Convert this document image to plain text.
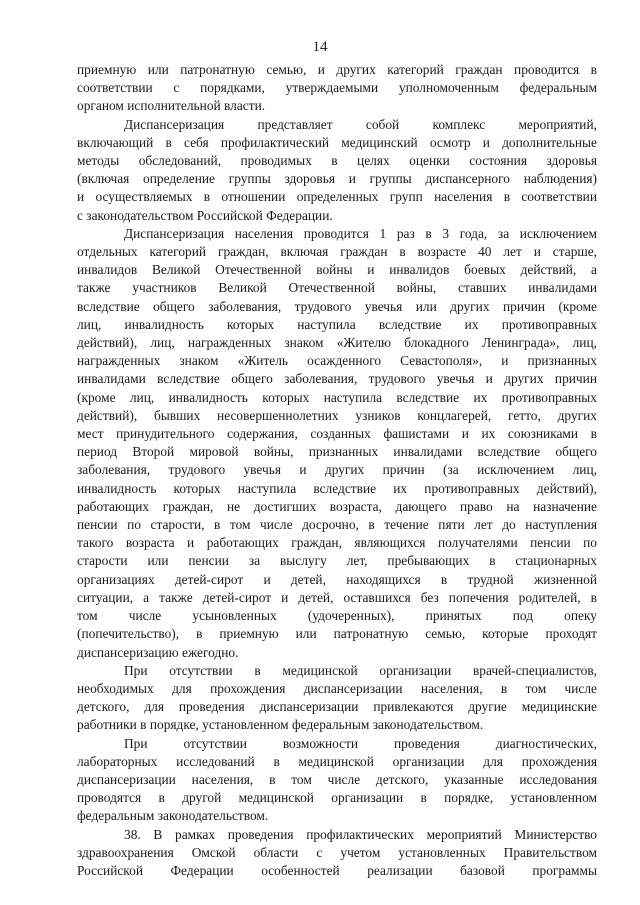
14
приемную или патронатную семью, и других категорий граждан проводится в
соответствии с порядками, утверждаемыми уполномоченным федеральным
органом исполнительной власти.
Диспансеризация представляет собой комплекс мероприятий,
включающий в себя профилактический медицинский осмотр и дополнительные
методы обследований, проводимых в целях оценки состояния здоровья
(включая определение группы здоровья и группы диспансерного наблюдения)
и осуществляемых в отношении определенных групп населения в соответствии
с законодательством Российской Федерации.
Диспансеризация населения проводится 1 раз в 3 года, за исключением
отдельных категорий граждан, включая граждан в возрасте 40 лет и старше,
инвалидов Великой Отечественной войны и инвалидов боевых действий, а
также участников Великой Отечественной войны, ставших инвалидами
вследствие общего заболевания, трудового увечья или других причин (кроме
лиц, инвалидность которых наступила вследствие их противоправных
действий), лиц, награжденных знаком «Жителю блокадного Ленинграда», лиц,
награжденных знаком «Житель осажденного Севастополя», и признанных
инвалидами вследствие общего заболевания, трудового увечья и других причин
(кроме лиц, инвалидность которых наступила вследствие их противоправных
действий), бывших несовершеннолетних узников концлагерей, гетто, других
мест принудительного содержания, созданных фашистами и их союзниками в
период Второй мировой войны, признанных инвалидами вследствие общего
заболевания, трудового увечья и других причин (за исключением лиц,
инвалидность которых наступила вследствие их противоправных действий),
работающих граждан, не достигших возраста, дающего право на назначение
пенсии по старости, в том числе досрочно, в течение пяти лет до наступления
такого возраста и работающих граждан, являющихся получателями пенсии по
старости или пенсии за выслугу лет, пребывающих в стационарных
организациях детей-сирот и детей, находящихся в трудной жизненной
ситуации, а также детей-сирот и детей, оставшихся без попечения родителей, в
том числе усыновленных (удочеренных), принятых под опеку
(попечительство), в приемную или патронатную семью, которые проходят
диспансеризацию ежегодно.
При отсутствии в медицинской организации врачей-специалистов,
необходимых для прохождения диспансеризации населения, в том числе
детского, для проведения диспансеризации привлекаются другие медицинские
работники в порядке, установленном федеральным законодательством.
При отсутствии возможности проведения диагностических,
лабораторных исследований в медицинской организации для прохождения
диспансеризации населения, в том числе детского, указанные исследования
проводятся в другой медицинской организации в порядке, установленном
федеральным законодательством.
38. В рамках проведения профилактических мероприятий Министерство
здравоохранения Омской области с учетом установленных Правительством
Российской Федерации особенностей реализации базовой программы
